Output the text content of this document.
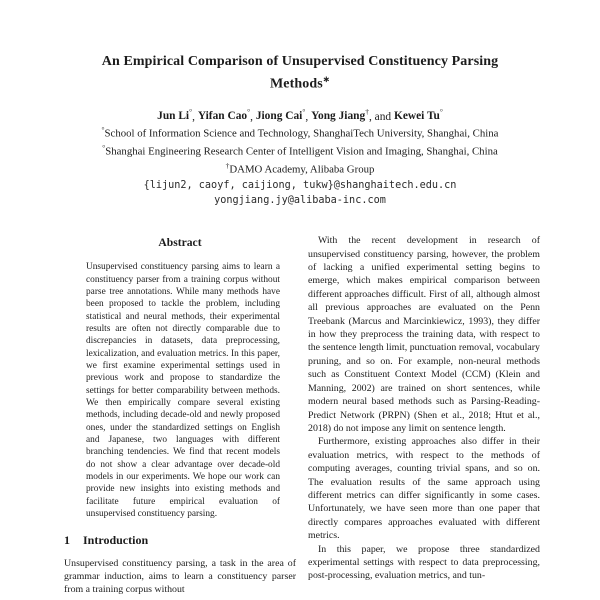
An Empirical Comparison of Unsupervised Constituency Parsing Methods∗
Jun Li°, Yifan Cao°, Jiong Cai°, Yong Jiang†, and Kewei Tu°
°School of Information Science and Technology, ShanghaiTech University, Shanghai, China
°Shanghai Engineering Research Center of Intelligent Vision and Imaging, Shanghai, China
†DAMO Academy, Alibaba Group
{lijun2, caoyf, caijiong, tukw}@shanghaitech.edu.cn
yongjiang.jy@alibaba-inc.com
Abstract

Unsupervised constituency parsing aims to learn a constituency parser from a training corpus without parse tree annotations. While many methods have been proposed to tackle the problem, including statistical and neural methods, their experimental results are often not directly comparable due to discrepancies in datasets, data preprocessing, lexicalization, and evaluation metrics. In this paper, we first examine experimental settings used in previous work and propose to standardize the settings for better comparability between methods. We then empirically compare several existing methods, including decade-old and newly proposed ones, under the standardized settings on English and Japanese, two languages with different branching tendencies. We find that recent models do not show a clear advantage over decade-old models in our experiments. We hope our work can provide new insights into existing methods and facilitate future empirical evaluation of unsupervised constituency parsing.

1 Introduction

Unsupervised constituency parsing, a task in the area of grammar induction, aims to learn a constituency parser from a training corpus without

With the recent development in research of unsupervised constituency parsing, however, the problem of lacking a unified experimental setting begins to emerge, which makes empirical comparison between different approaches difficult. First of all, although almost all previous approaches are evaluated on the Penn Treebank (Marcus and Marcinkiewicz, 1993), they differ in how they preprocess the training data, with respect to the sentence length limit, punctuation removal, vocabulary pruning, and so on. For example, non-neural methods such as Constituent Context Model (CCM) (Klein and Manning, 2002) are trained on short sentences, while modern neural based methods such as Parsing-Reading-Predict Network (PRPN) (Shen et al., 2018; Htut et al., 2018) do not impose any limit on sentence length.

Furthermore, existing approaches also differ in their evaluation metrics, with respect to the methods of computing averages, counting trivial spans, and so on. The evaluation results of the same approach using different metrics can differ significantly in some cases. Unfortunately, we have seen more than one paper that directly compares approaches evaluated with different metrics.

In this paper, we propose three standardized experimental settings with respect to data preprocessing, post-processing, evaluation metrics, and tun-
